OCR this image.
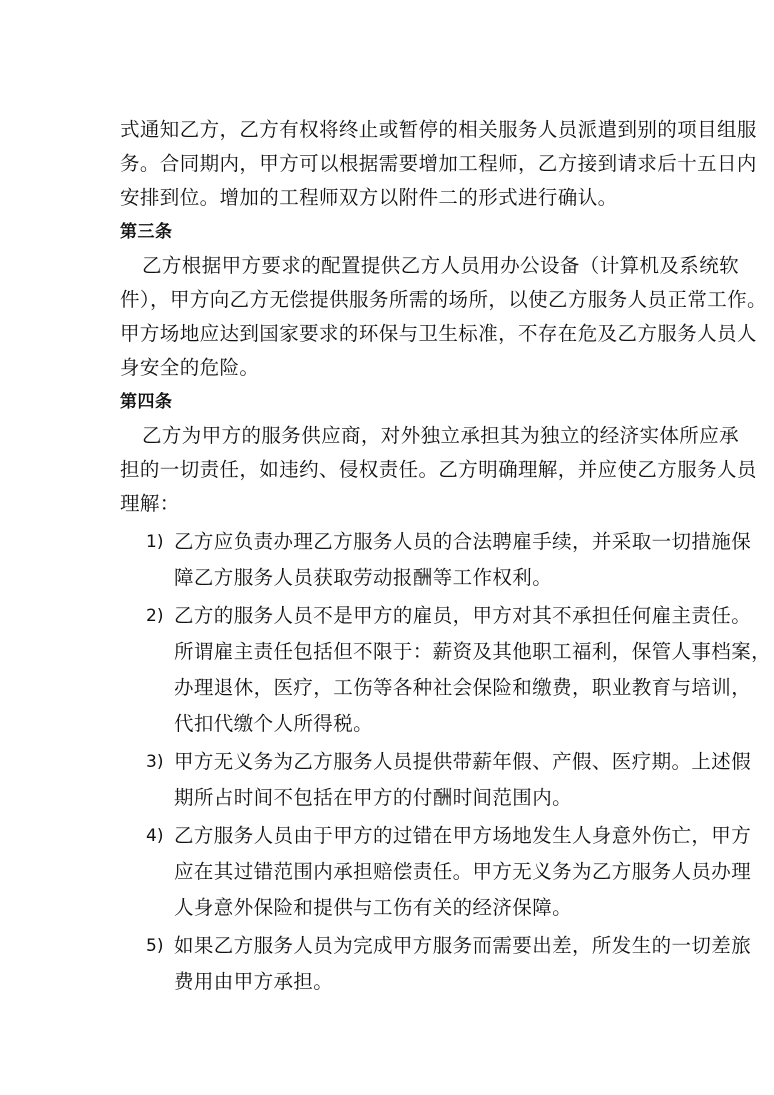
式通知乙方，乙方有权将终止或暂停的相关服务人员派遣到别的项目组服
务。合同期内，甲方可以根据需要增加工程师，乙方接到请求后十五日内
安排到位。增加的工程师双方以附件二的形式进行确认。
第三条
乙方根据甲方要求的配置提供乙方人员用办公设备（计算机及系统软
件），甲方向乙方无偿提供服务所需的场所，以使乙方服务人员正常工作。
甲方场地应达到国家要求的环保与卫生标准，不存在危及乙方服务人员人
身安全的危险。
第四条
乙方为甲方的服务供应商，对外独立承担其为独立的经济实体所应承
担的一切责任，如违约、侵权责任。乙方明确理解，并应使乙方服务人员
理解：
1) 乙方应负责办理乙方服务人员的合法聘雇手续，并采取一切措施保
障乙方服务人员获取劳动报酬等工作权利。
2) 乙方的服务人员不是甲方的雇员，甲方对其不承担任何雇主责任。
所谓雇主责任包括但不限于：薪资及其他职工福利，保管人事档案，
办理退休，医疗，工伤等各种社会保险和缴费，职业教育与培训，
代扣代缴个人所得税。
3) 甲方无义务为乙方服务人员提供带薪年假、产假、医疗期。上述假
期所占时间不包括在甲方的付酬时间范围内。
4) 乙方服务人员由于甲方的过错在甲方场地发生人身意外伤亡，甲方
应在其过错范围内承担赔偿责任。甲方无义务为乙方服务人员办理
人身意外保险和提供与工伤有关的经济保障。
5) 如果乙方服务人员为完成甲方服务而需要出差，所发生的一切差旅
费用由甲方承担。
